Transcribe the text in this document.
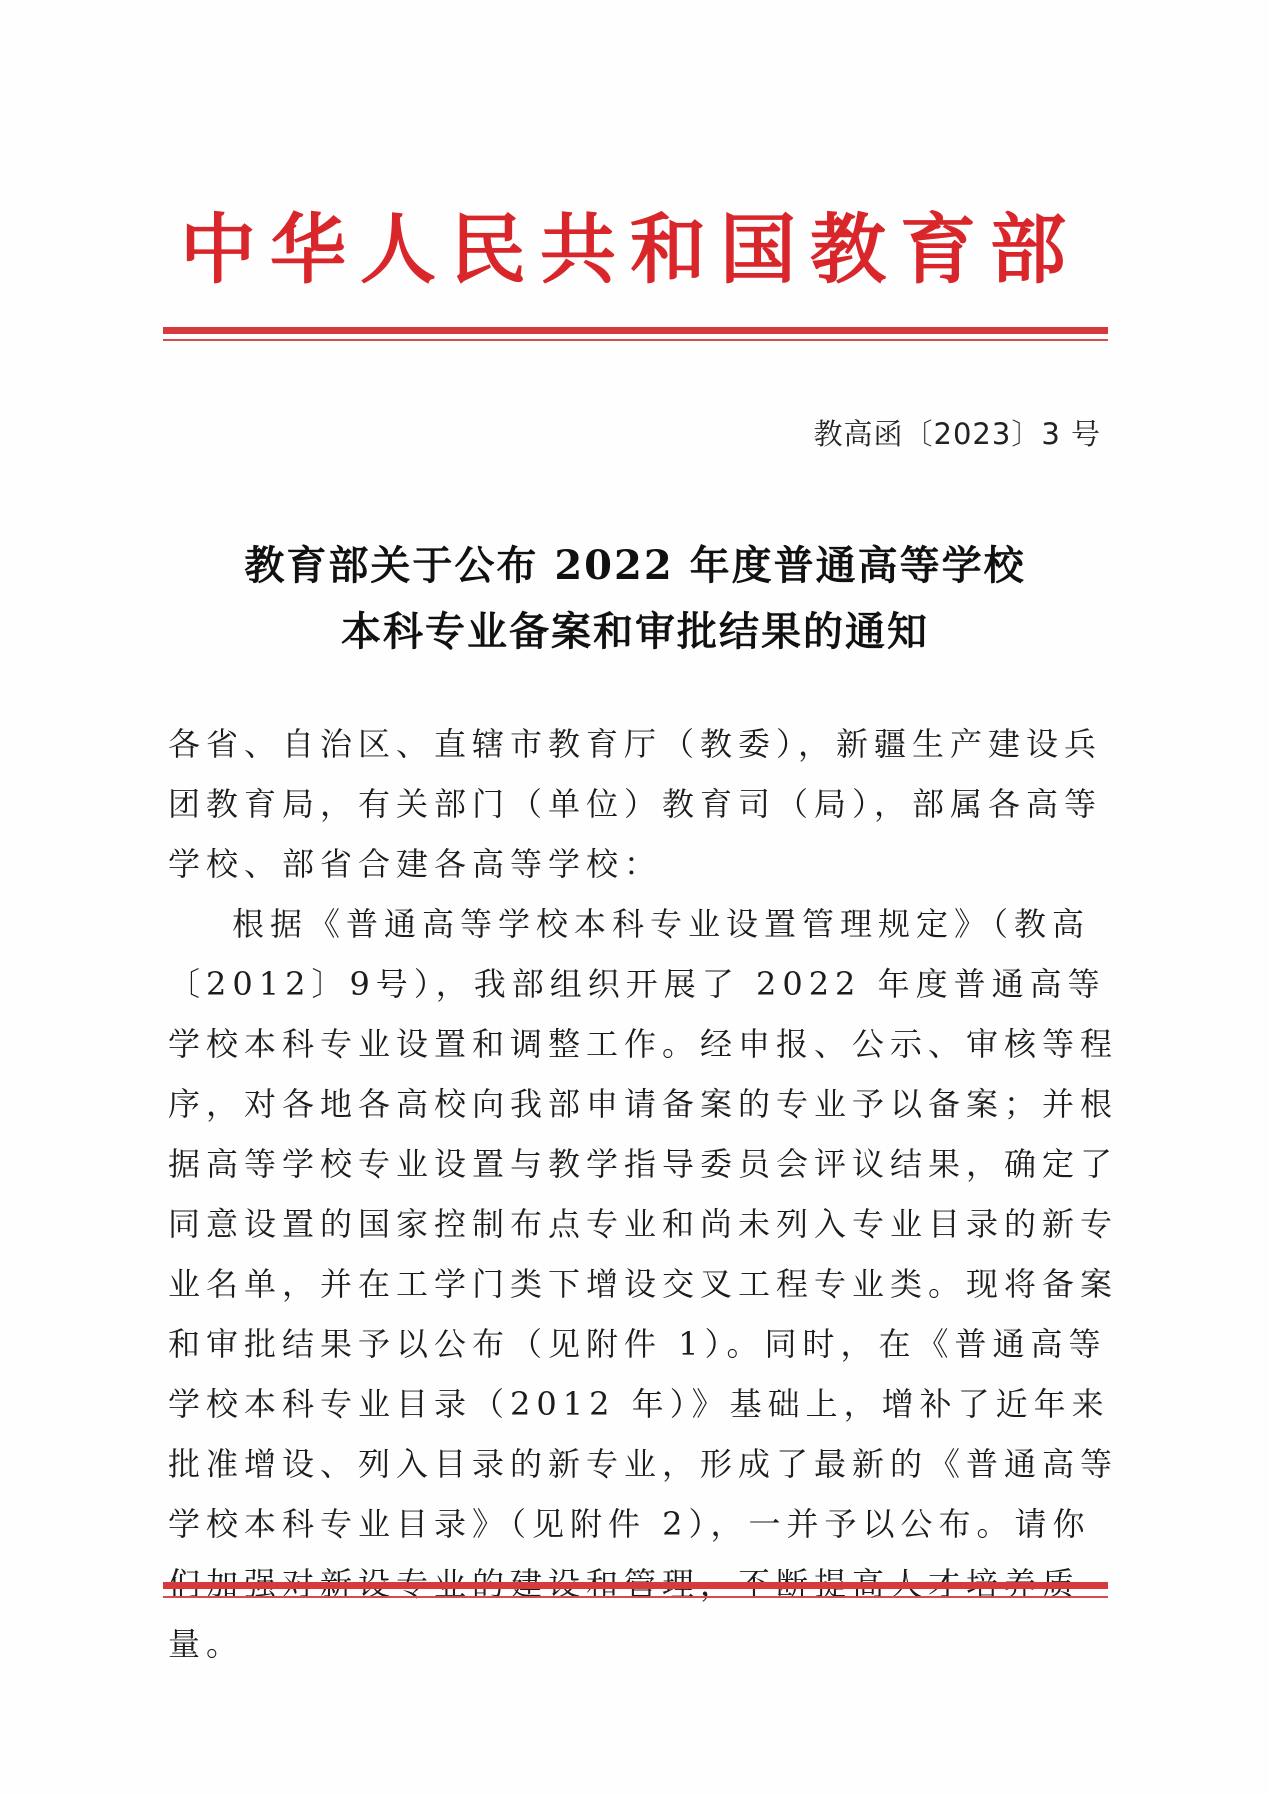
中华人民共和国教育部
教高函〔2023〕3 号
教育部关于公布 2022 年度普通高等学校
本科专业备案和审批结果的通知
各省、自治区、直辖市教育厅（教委），新疆生产建设兵团教育局，有关部门（单位）教育司（局），部属各高等学校、部省合建各高等学校：
根据《普通高等学校本科专业设置管理规定》（教高〔2012〕9号），我部组织开展了 2022 年度普通高等学校本科专业设置和调整工作。经申报、公示、审核等程序，对各地各高校向我部申请备案的专业予以备案；并根据高等学校专业设置与教学指导委员会评议结果，确定了同意设置的国家控制布点专业和尚未列入专业目录的新专业名单，并在工学门类下增设交叉工程专业类。现将备案和审批结果予以公布（见附件 1）。同时，在《普通高等学校本科专业目录（2012 年）》基础上，增补了近年来批准增设、列入目录的新专业，形成了最新的《普通高等学校本科专业目录》（见附件 2），一并予以公布。请你 量。
